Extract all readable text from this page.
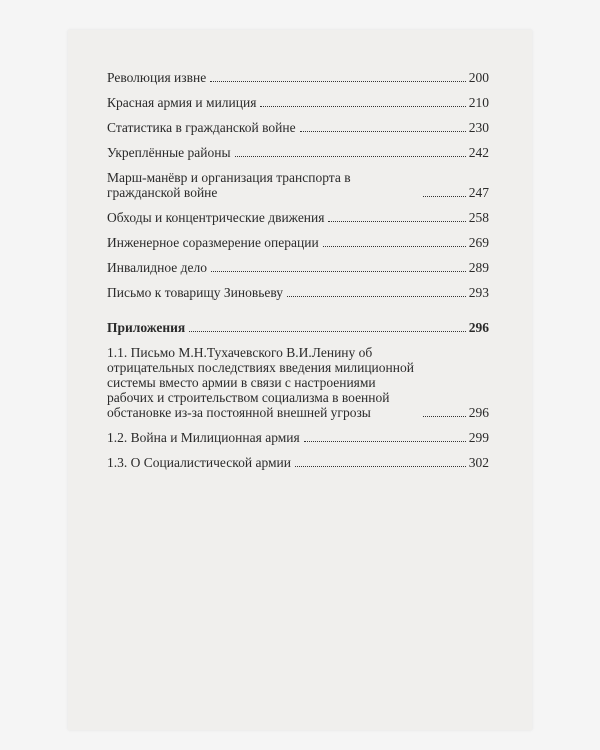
Революция извне	200
Красная армия и милиция	210
Статистика в гражданской войне	230
Укреплённые районы	242
Марш-манёвр и организация транспорта в гражданской войне	247
Обходы и концентрические движения	258
Инженерное соразмерение операции	269
Инвалидное дело	289
Письмо к товарищу Зиновьеву	293
Приложения	296
1.1. Письмо М.Н.Тухачевского В.И.Ленину об отрицательных последствиях введения милиционной системы вместо армии в связи с настроениями рабочих и строительством социализма в военной обстановке из-за постоянной внешней угрозы	296
1.2. Война и Милиционная армия	299
1.3. О Социалистической армии	302
